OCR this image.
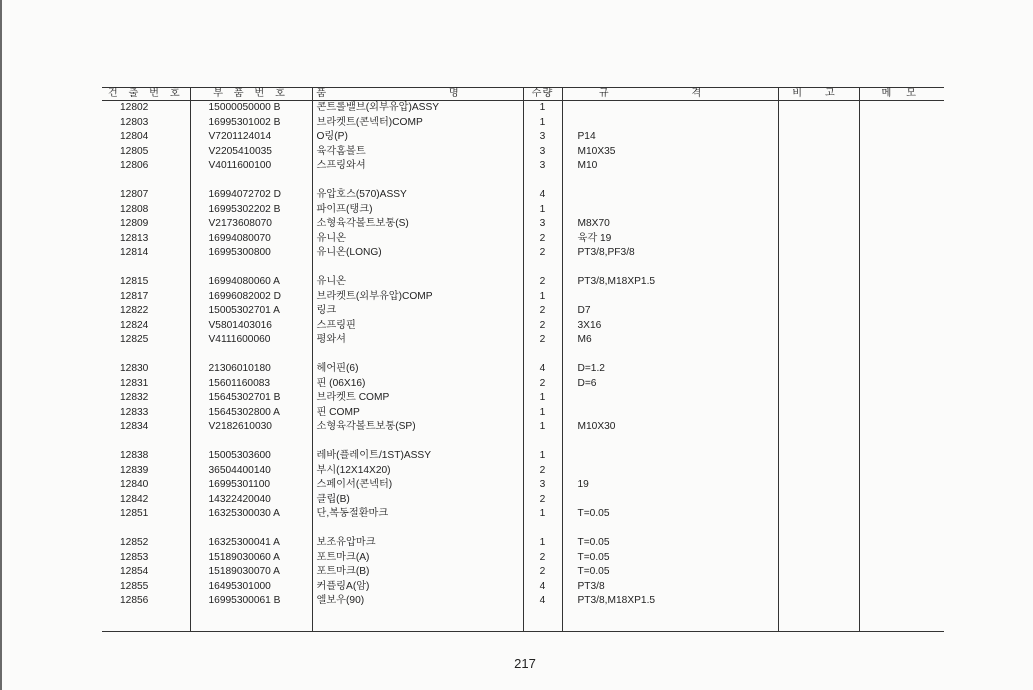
건 출 번 호	부 품 번 호	품 명	수량	규 격	비 고	메 모
12802	15000050000 B	콘트롤밸브(외부유압)ASSY	1			
12803	16995301002 B	브라켓트(콘넥터)COMP	1			
12804	V7201124014	O링(P)	3	P14		
12805	V2205410035	육각홈볼트	3	M10X35		
12806	V4011600100	스프링와셔	3	M10		

12807	16994072702 D	유압호스(570)ASSY	4			
12808	16995302202 B	파이프(탱크)	1			
12809	V2173608070	소형육각볼트보통(S)	3	M8X70		
12813	16994080070	유니온	2	육각 19		
12814	16995300800	유니온(LONG)	2	PT3/8,PF3/8		

12815	16994080060 A	유니온	2	PT3/8,M18XP1.5		
12817	16996082002 D	브라켓트(외부유압)COMP	1			
12822	15005302701 A	링크	2	D7		
12824	V5801403016	스프링핀	2	3X16		
12825	V4111600060	평와셔	2	M6		

12830	21306010180	헤어핀(6)	4	D=1.2		
12831	15601160083	핀 (06X16)	2	D=6		
12832	15645302701 B	브라켓트 COMP	1			
12833	15645302800 A	핀 COMP	1			
12834	V2182610030	소형육각볼트보통(SP)	1	M10X30		

12838	15005303600	레바(플레이트/1ST)ASSY	1			
12839	36504400140	부시(12X14X20)	2			
12840	16995301100	스페이서(콘넥터)	3	19		
12842	14322420040	클립(B)	2			
12851	16325300030 A	단,복동절환마크	1	T=0.05		

12852	16325300041 A	보조유압마크	1	T=0.05		
12853	15189030060 A	포트마크(A)	2	T=0.05		
12854	15189030070 A	포트마크(B)	2	T=0.05		
12855	16495301000	커플링A(암)	4	PT3/8		
12856	16995300061 B	엘보우(90)	4	PT3/8,M18XP1.5		

217
